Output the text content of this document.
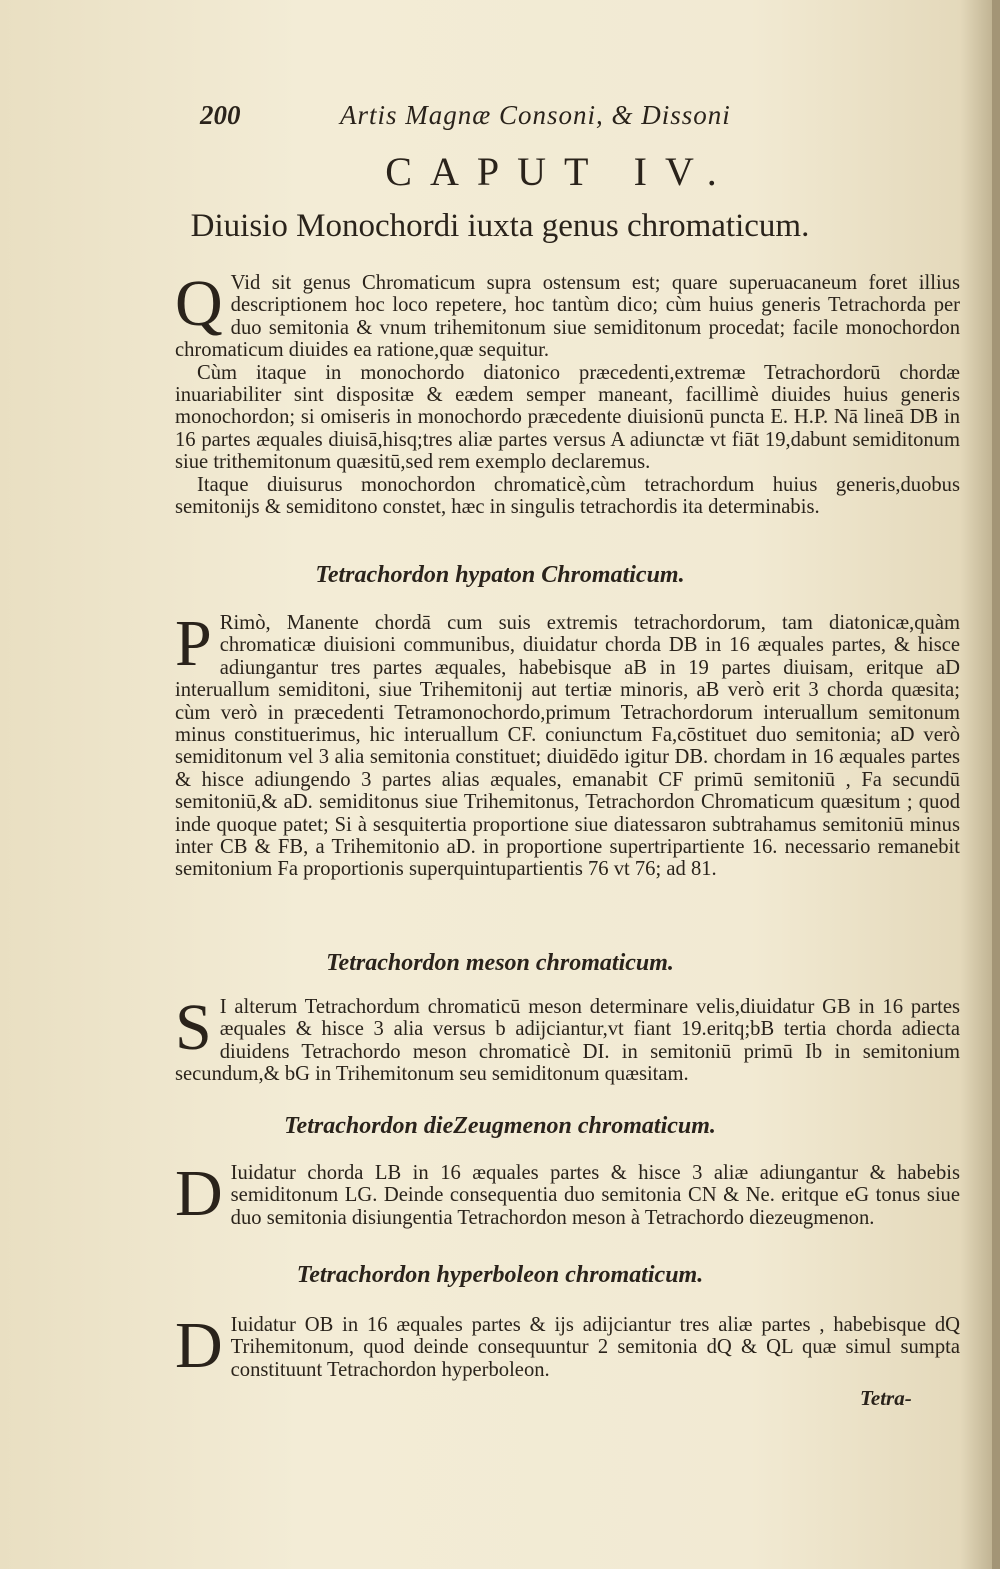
200	Artis Magnæ Consoni, & Dissoni
CAPUT IV.
Diuisio Monochordi iuxta genus chromaticum.

Q Vid sit genus Chromaticum supra ostensum est; quare superuacaneum foret illius descriptionem hoc loco repetere, hoc tantùm dico; cùm huius generis Tetrachorda per duo semitonia & vnum trihemitonum siue semiditonum procedat; facile monochordon chromaticum diuides ea ratione,quæ sequitur.

Cùm itaque in monochordo diatonico præcedenti,extremæ Tetrachordorū chordæ inuariabiliter sint dispositæ & eædem semper maneant, facillimè diuides huius generis monochordon; si omiseris in monochordo præcedente diuisionū puncta E. H.P. Nā lineā DB in 16 partes æquales diuisā,hisq;tres aliæ partes versus A adiunctæ vt fiāt 19,dabunt semiditonum siue trithemitonum quæsitū,sed rem exemplo declaremus.

Itaque diuisurus monochordon chromaticè,cùm tetrachordum huius generis,duobus semitonijs & semiditono constet, hæc in singulis tetrachordis ita determinabis.

Tetrachordon hypaton Chromaticum.

P Rimò, Manente chordā cum suis extremis tetrachordorum, tam diatonicæ,quàm chromaticæ diuisioni communibus, diuidatur chorda DB in 16 æquales partes, & hisce adiungantur tres partes æquales, habebisque aB in 19 partes diuisam, eritque aD interuallum semiditoni, siue Trihemitonij aut tertiæ minoris, aB verò erit 3 chorda quæsita; cùm verò in præcedenti Tetramonochordo,primum Tetrachordorum interuallum semitonum minus constituerimus, hic interuallum CF. coniunctum Fa,cōstituet duo semitonia; aD verò semiditonum vel 3 alia semitonia constituet; diuidēdo igitur DB. chordam in 16 æquales partes & hisce adiungendo 3 partes alias æquales, emanabit CF primū semitoniū , Fa secundū semitoniū,& aD. semiditonus siue Trihemitonus, Tetrachordon Chromaticum quæsitum ; quod inde quoque patet; Si à sesquitertia proportione siue diatessaron subtrahamus semitoniū minus inter CB & FB, a Trihemitonio aD. in proportione supertripartiente 16. necessario remanebit semitonium Fa proportionis superquintupartientis 76 vt 76; ad 81.

Tetrachordon meson chromaticum.

S I alterum Tetrachordum chromaticū meson determinare velis,diuidatur GB in 16 partes æquales & hisce 3 alia versus b adijciantur,vt fiant 19.eritq;bB tertia chorda adiecta diuidens Tetrachordo meson chromaticè DI. in semitoniū primū Ib in semitonium secundum,& bG in Trihemitonum seu semiditonum quæsitam.

Tetrachordon dieZeugmenon chromaticum.

D Iuidatur chorda LB in 16 æquales partes & hisce 3 aliæ adiungantur & habebis semiditonum LG. Deinde consequentia duo semitonia CN & Ne. eritque eG tonus siue duo semitonia disiungentia Tetrachordon meson à Tetrachordo diezeugmenon.

Tetrachordon hyperboleon chromaticum.

D Iuidatur OB in 16 æquales partes & ijs adijciantur tres aliæ partes , habebisque dQ Trihemitonum, quod deinde consequuntur 2 semitonia dQ & QL quæ simul sumpta constituunt Tetrachordon hyperboleon.

Tetra-
